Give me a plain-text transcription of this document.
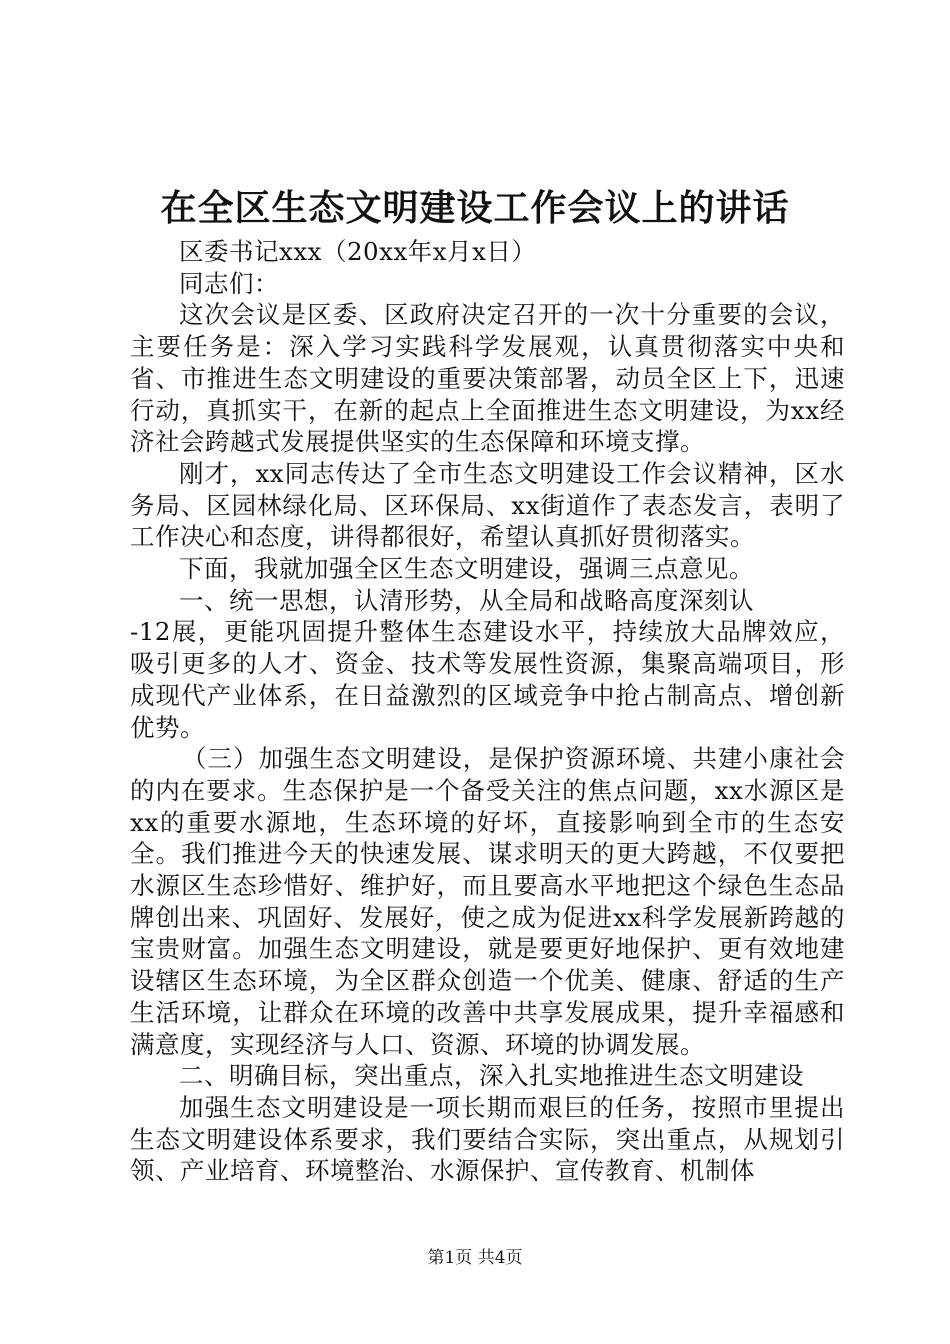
在全区生态文明建设工作会议上的讲话

区委书记xxx（20xx年x月x日）

同志们：

这次会议是区委、区政府决定召开的一次十分重要的会议，主要任务是：深入学习实践科学发展观，认真贯彻落实中央和省、市推进生态文明建设的重要决策部署，动员全区上下，迅速行动，真抓实干，在新的起点上全面推进生态文明建设，为xx经济社会跨越式发展提供坚实的生态保障和环境支撑。

刚才，xx同志传达了全市生态文明建设工作会议精神，区水务局、区园林绿化局、区环保局、xx街道作了表态发言，表明了工作决心和态度，讲得都很好，希望认真抓好贯彻落实。

下面，我就加强全区生态文明建设，强调三点意见。

一、统一思想，认清形势，从全局和战略高度深刻认

-12展，更能巩固提升整体生态建设水平，持续放大品牌效应，吸引更多的人才、资金、技术等发展性资源，集聚高端项目，形成现代产业体系，在日益激烈的区域竞争中抢占制高点、增创新优势。

（三）加强生态文明建设，是保护资源环境、共建小康社会的内在要求。生态保护是一个备受关注的焦点问题，xx水源区是xx的重要水源地，生态环境的好坏，直接影响到全市的生态安全。我们推进今天的快速发展、谋求明天的更大跨越，不仅要把水源区生态珍惜好、维护好，而且要高水平地把这个绿色生态品牌创出来、巩固好、发展好，使之成为促进xx科学发展新跨越的宝贵财富。加强生态文明建设，就是要更好地保护、更有效地建设辖区生态环境，为全区群众创造一个优美、健康、舒适的生产生活环境，让群众在环境的改善中共享发展成果，提升幸福感和满意度，实现经济与人口、资源、环境的协调发展。

二、明确目标，突出重点，深入扎实地推进生态文明建设

加强生态文明建设是一项长期而艰巨的任务，按照市里提出生态文明建设体系要求，我们要结合实际，突出重点，从规划引领、产业培育、环境整治、水源保护、宣传教育、机制体

第1页 共4页
